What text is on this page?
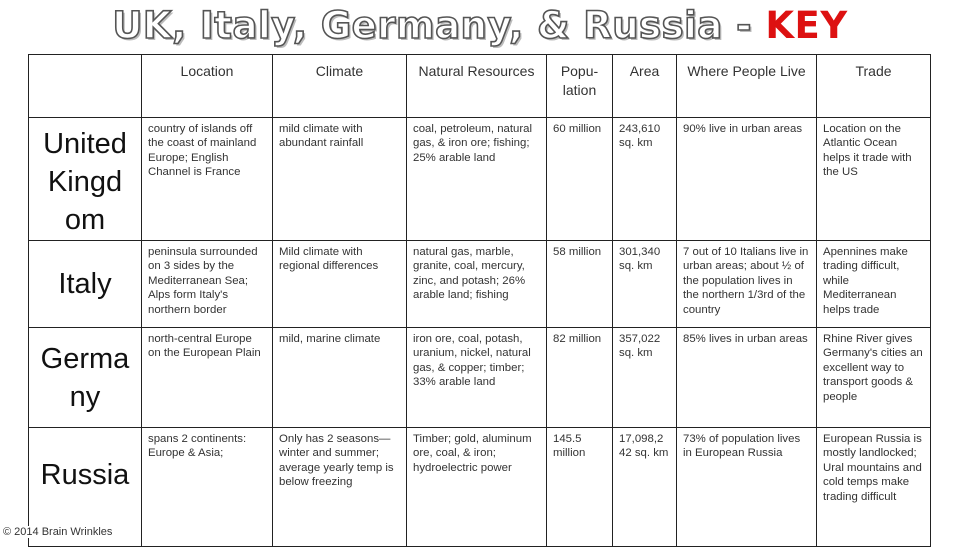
UK, Italy, Germany, & Russia - KEY
	Location	Climate	Natural Resources	Popu-lation	Area	Where People Live	Trade
United Kingd om	country of islands off the coast of mainland Europe; English Channel is France	mild climate with abundant rainfall	coal, petroleum, natural gas, & iron ore; fishing; 25% arable land	60 million	243,610 sq. km	90% live in urban areas	Location on the Atlantic Ocean helps it trade with the US
Italy	peninsula surrounded on 3 sides by the Mediterranean Sea; Alps form Italy's northern border	Mild climate with regional differences	natural gas, marble, granite, coal, mercury, zinc, and potash; 26% arable land; fishing	58 million	301,340 sq. km	7 out of 10 Italians live in urban areas; about ½ of the population lives in the northern 1/3rd of the country	Apennines make trading difficult, while Mediterranean helps trade
Germa ny	north-central Europe on the European Plain	mild, marine climate	iron ore, coal, potash, uranium, nickel, natural gas, & copper; timber; 33% arable land	82 million	357,022 sq. km	85% lives in urban areas	Rhine River gives Germany's cities an excellent way to transport goods & people
Russia	spans 2 continents: Europe & Asia;	Only has 2 seasons— winter and summer; average yearly temp is below freezing	Timber; gold, aluminum ore, coal, & iron; hydroelectric power	145.5 million	17,098,2 42 sq. km	73% of population lives in European Russia	European Russia is mostly landlocked; Ural mountains and cold temps make trading difficult
© 2014 Brain Wrinkles
